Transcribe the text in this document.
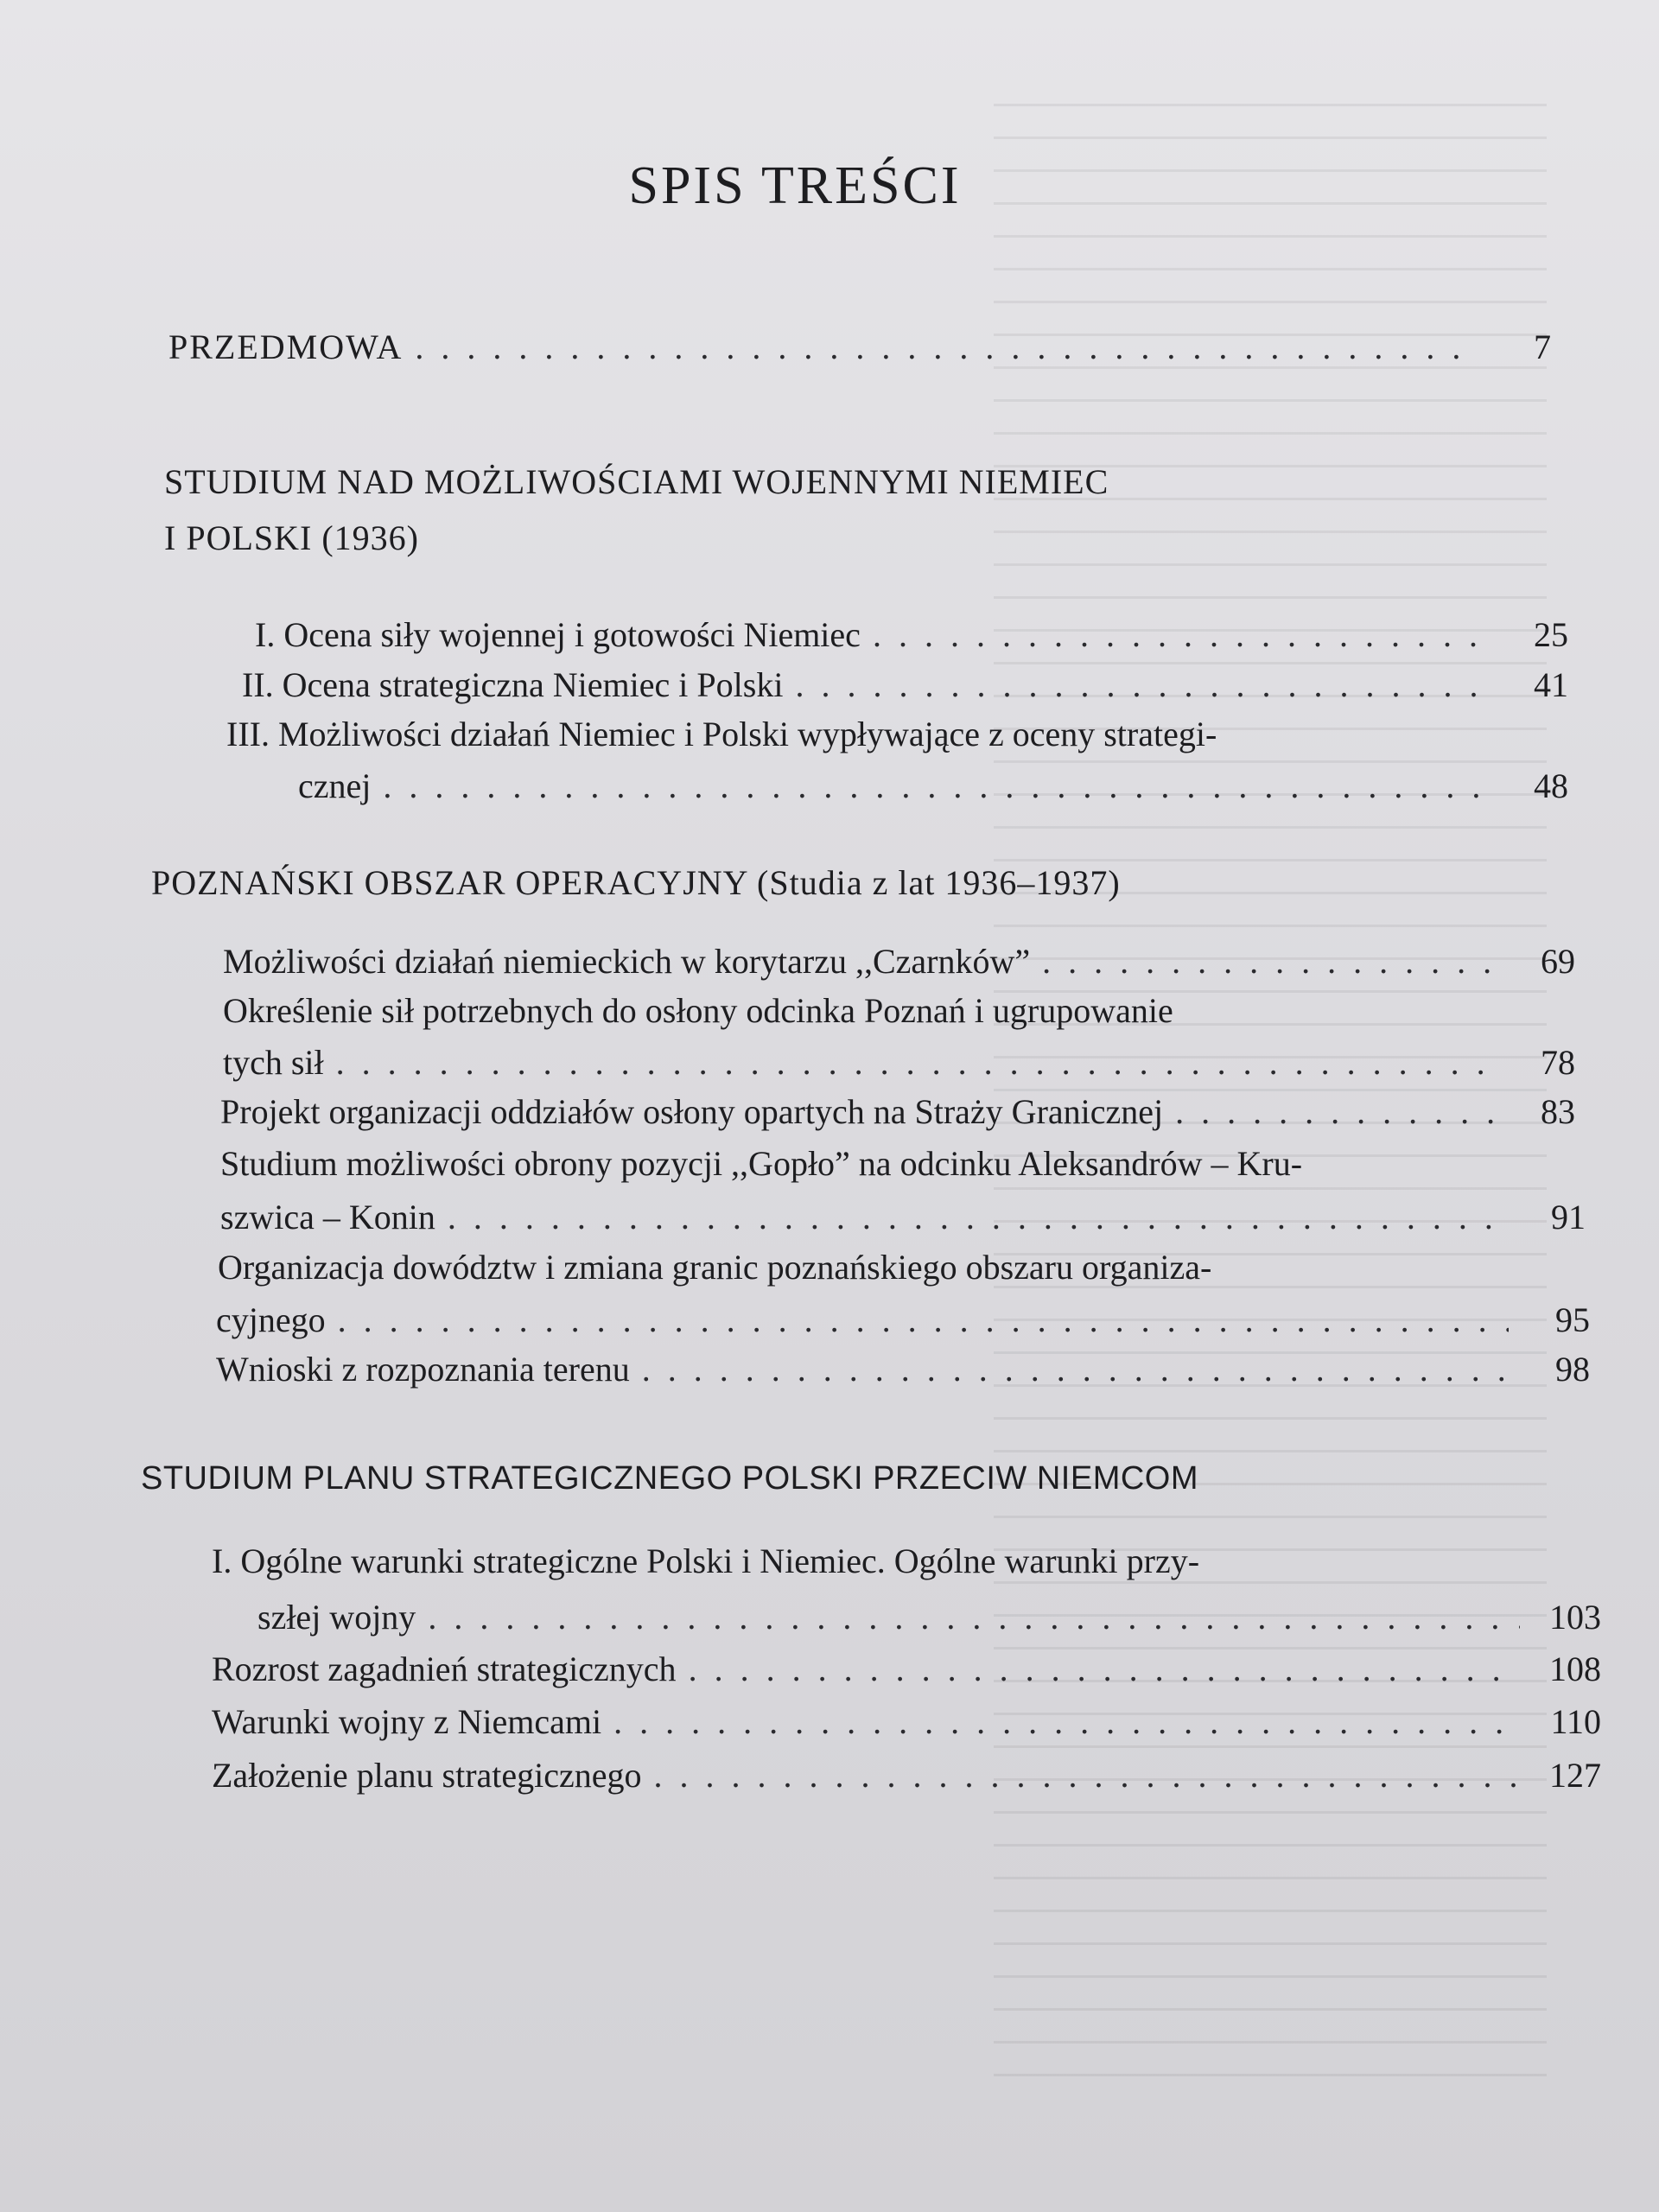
SPIS TREŚCI
PRZEDMOWA . . .	7
STUDIUM NAD MOŻLIWOŚCIAMI WOJENNYMI NIEMIEC
I POLSKI (1936)
I. Ocena siły wojennej i gotowości Niemiec . . .	25
II. Ocena strategiczna Niemiec i Polski . . .	41
III. Możliwości działań Niemiec i Polski wypływające z oceny strategi-
cznej . . .	48
POZNAŃSKI OBSZAR OPERACYJNY (Studia z lat 1936–1937)
Możliwości działań niemieckich w korytarzu ,,Czarnków” . . .	69
Określenie sił potrzebnych do osłony odcinka Poznań i ugrupowanie
tych sił . . .	78
Projekt organizacji oddziałów osłony opartych na Straży Granicznej . . .	83
Studium możliwości obrony pozycji ,,Gopło” na odcinku Aleksandrów – Kru-
szwica – Konin . . .	91
Organizacja dowództw i zmiana granic poznańskiego obszaru organiza-
cyjnego . . .	95
Wnioski z rozpoznania terenu . . .	98
STUDIUM PLANU STRATEGICZNEGO POLSKI PRZECIW NIEMCOM
I. Ogólne warunki strategiczne Polski i Niemiec. Ogólne warunki przy-
szłej wojny . . .	103
Rozrost zagadnień strategicznych . . .	108
Warunki wojny z Niemcami . . .	110
Założenie planu strategicznego . . .	127
